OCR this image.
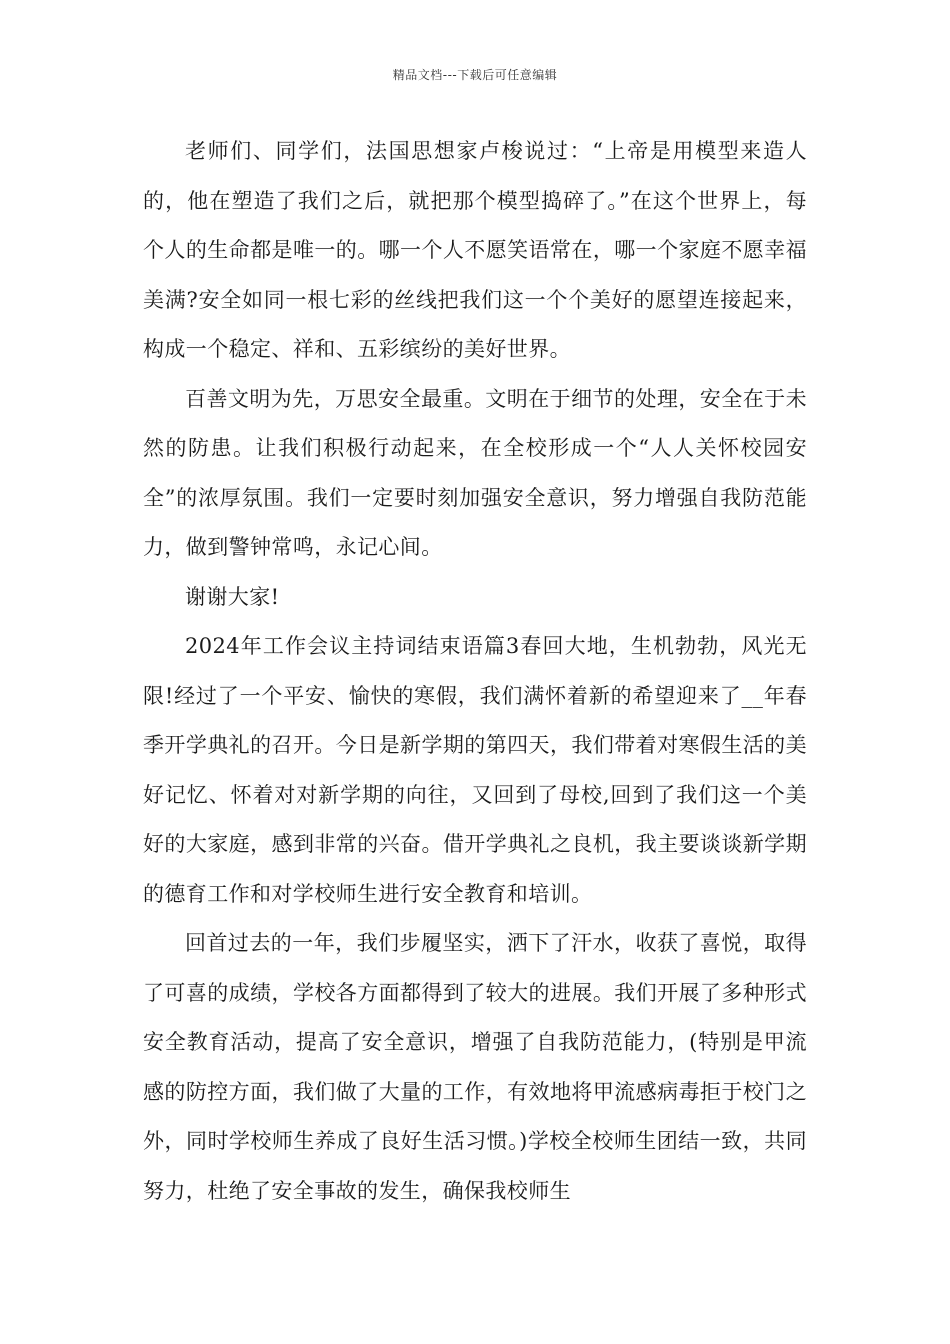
精品文档---下载后可任意编辑

老师们、同学们，法国思想家卢梭说过：“上帝是用模型来造人的，他在塑造了我们之后，就把那个模型捣碎了。”在这个世界上，每个人的生命都是唯一的。哪一个人不愿笑语常在，哪一个家庭不愿幸福美满?安全如同一根七彩的丝线把我们这一个个美好的愿望连接起来，构成一个稳定、祥和、五彩缤纷的美好世界。

百善文明为先，万思安全最重。文明在于细节的处理，安全在于未然的防患。让我们积极行动起来，在全校形成一个“人人关怀校园安全”的浓厚氛围。我们一定要时刻加强安全意识，努力增强自我防范能力，做到警钟常鸣，永记心间。

谢谢大家!

2024年工作会议主持词结束语篇3春回大地，生机勃勃，风光无限!经过了一个平安、愉快的寒假，我们满怀着新的希望迎来了__年春季开学典礼的召开。今日是新学期的第四天，我们带着对寒假生活的美好记忆、怀着对对新学期的向往，又回到了母校,回到了我们这一个美好的大家庭，感到非常的兴奋。借开学典礼之良机，我主要谈谈新学期的德育工作和对学校师生进行安全教育和培训。

回首过去的一年，我们步履坚实，洒下了汗水，收获了喜悦，取得了可喜的成绩，学校各方面都得到了较大的进展。我们开展了多种形式安全教育活动，提高了安全意识，增强了自我防范能力，(特别是甲流感的防控方面，我们做了大量的工作，有效地将甲流感病毒拒于校门之外，同时学校师生养成了良好生活习惯。)学校全校师生团结一致，共同努力，杜绝了安全事故的发生，确保我校师生
